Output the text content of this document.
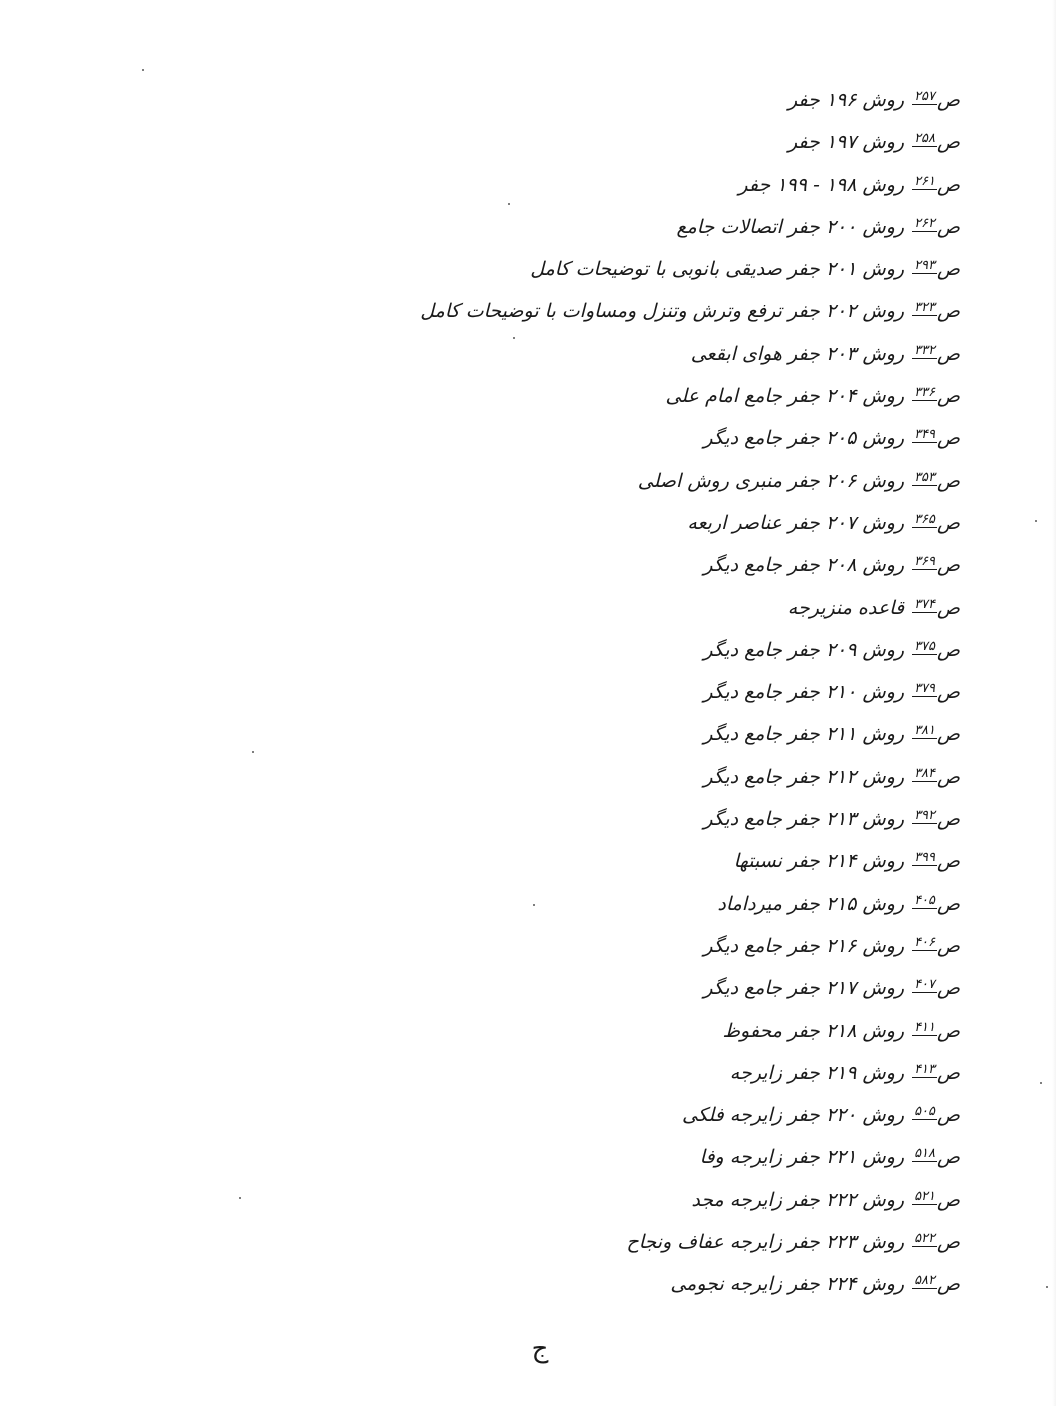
ص$^{۲۵۷}$روش ۱۹۶ جفر
ص$^{۲۵۸}$روش ۱۹۷ جفر
ص$^{۲۶۱}$روش ۱۹۸ - ۱۹۹ جفر
ص$^{۲۶۲}$روش ۲۰۰ جفر اتصالات جامع
ص$^{۲۹۳}$روش ۲۰۱ جفر صدیقی بانوبی با توضیحات کامل
ص$^{۳۲۳}$روش ۲۰۲ جفر ترفع وترش وتنزل ومساوات با توضیحات کامل
ص$^{۳۳۲}$روش ۲۰۳ جفر هوای ابقعی
ص$^{۳۳۶}$روش ۲۰۴ جفر جامع امام علی
ص$^{۳۴۹}$روش ۲۰۵ جفر جامع دیگر
ص$^{۳۵۳}$روش ۲۰۶ جفر منبری روش اصلی
ص$^{۳۶۵}$روش ۲۰۷ جفر عناصر اربعه
ص$^{۳۶۹}$روش ۲۰۸ جفر جامع دیگر
ص$^{۳۷۴}$قاعده منزیرجه
ص$^{۳۷۵}$روش ۲۰۹ جفر جامع دیگر
ص$^{۳۷۹}$روش ۲۱۰ جفر جامع دیگر
ص$^{۳۸۱}$روش ۲۱۱ جفر جامع دیگر
ص$^{۳۸۴}$روش ۲۱۲ جفر جامع دیگر
ص$^{۳۹۲}$روش ۲۱۳ جفر جامع دیگر
ص$^{۳۹۹}$روش ۲۱۴ جفر نسبتها
ص$^{۴۰۵}$روش ۲۱۵ جفر میرداماد
ص$^{۴۰۶}$روش ۲۱۶ جفر جامع دیگر
ص$^{۴۰۷}$روش ۲۱۷ جفر جامع دیگر
ص$^{۴۱۱}$روش ۲۱۸ جفر محفوظ
ص$^{۴۱۳}$روش ۲۱۹ جفر زایرجه
ص$^{۵۰۵}$روش ۲۲۰ جفر زایرجه فلکی
ص$^{۵۱۸}$روش ۲۲۱ جفر زایرجه وفا
ص$^{۵۲۱}$روش ۲۲۲ جفر زایرجه مجد
ص$^{۵۲۲}$روش ۲۲۳ جفر زایرجه عفاف ونجاح
ص$^{۵۸۲}$روش ۲۲۴ جفر زایرجه نجومی
ج
